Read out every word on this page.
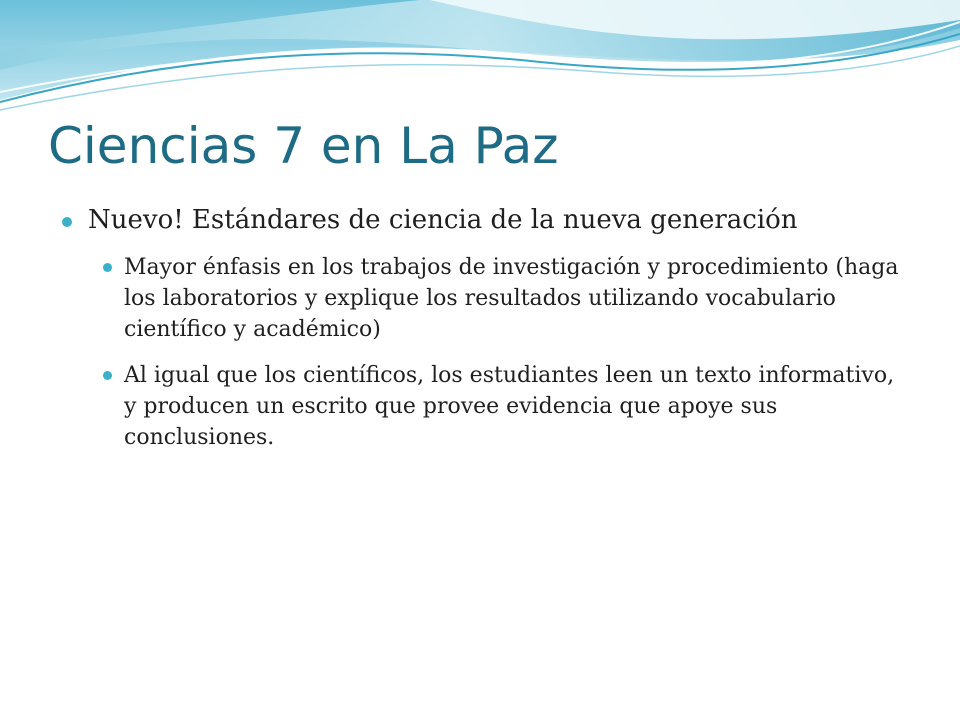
Ciencias 7 en La Paz
Nuevo! Estándares de ciencia de la nueva generación
Mayor énfasis en los trabajos de investigación y procedimiento (haga los laboratorios y explique los resultados utilizando vocabulario científico y académico)
Al igual que los científicos, los estudiantes leen un texto informativo, y producen un escrito que provee evidencia que apoye sus conclusiones.
